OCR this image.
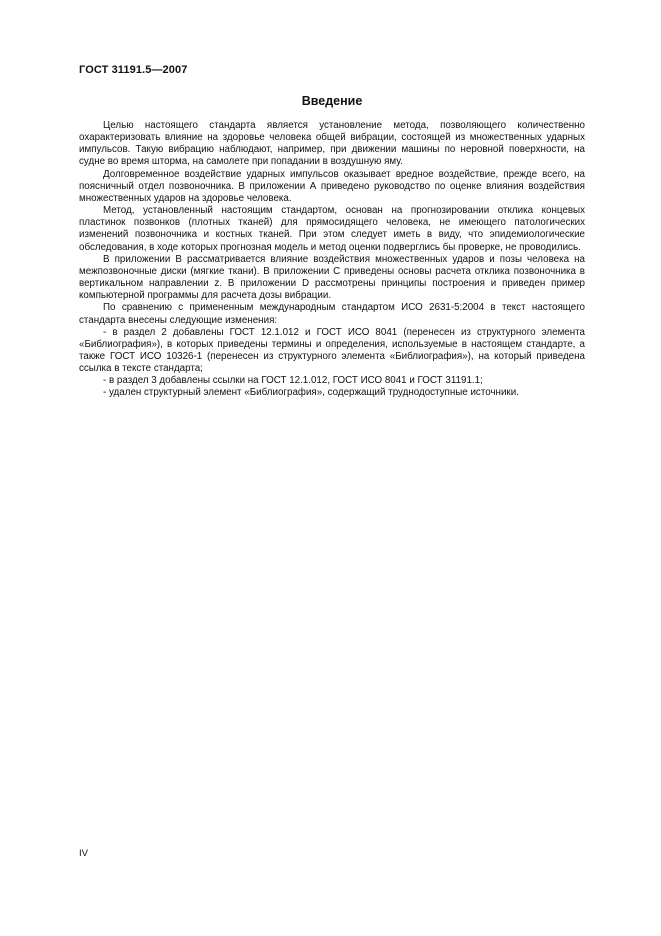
ГОСТ 31191.5—2007
Введение

Целью настоящего стандарта является установление метода, позволяющего количественно охарактеризовать влияние на здоровье человека общей вибрации, состоящей из множественных ударных импульсов. Такую вибрацию наблюдают, например, при движении машины по неровной поверхности, на судне во время шторма, на самолете при попадании в воздушную яму.

Долговременное воздействие ударных импульсов оказывает вредное воздействие, прежде всего, на поясничный отдел позвоночника. В приложении А приведено руководство по оценке влияния воздействия множественных ударов на здоровье человека.

Метод, установленный настоящим стандартом, основан на прогнозировании отклика концевых пластинок позвонков (плотных тканей) для прямосидящего человека, не имеющего патологических изменений позвоночника и костных тканей. При этом следует иметь в виду, что эпидемиологические обследования, в ходе которых прогнозная модель и метод оценки подверглись бы проверке, не проводились.

В приложении В рассматривается влияние воздействия множественных ударов и позы человека на межпозвоночные диски (мягкие ткани). В приложении С приведены основы расчета отклика позвоночника в вертикальном направлении z. В приложении D рассмотрены принципы построения и приведен пример компьютерной программы для расчета дозы вибрации.

По сравнению с примененным международным стандартом ИСО 2631-5:2004 в текст настоящего стандарта внесены следующие изменения:

- в раздел 2 добавлены ГОСТ 12.1.012 и ГОСТ ИСО 8041 (перенесен из структурного элемента «Библиография»), в которых приведены термины и определения, используемые в настоящем стандарте, а также ГОСТ ИСО 10326-1 (перенесен из структурного элемента «Библиография»), на который приведена ссылка в тексте стандарта;

- в раздел 3 добавлены ссылки на ГОСТ 12.1.012, ГОСТ ИСО 8041 и ГОСТ 31191.1;

- удален структурный элемент «Библиография», содержащий труднодоступные источники.

IV
